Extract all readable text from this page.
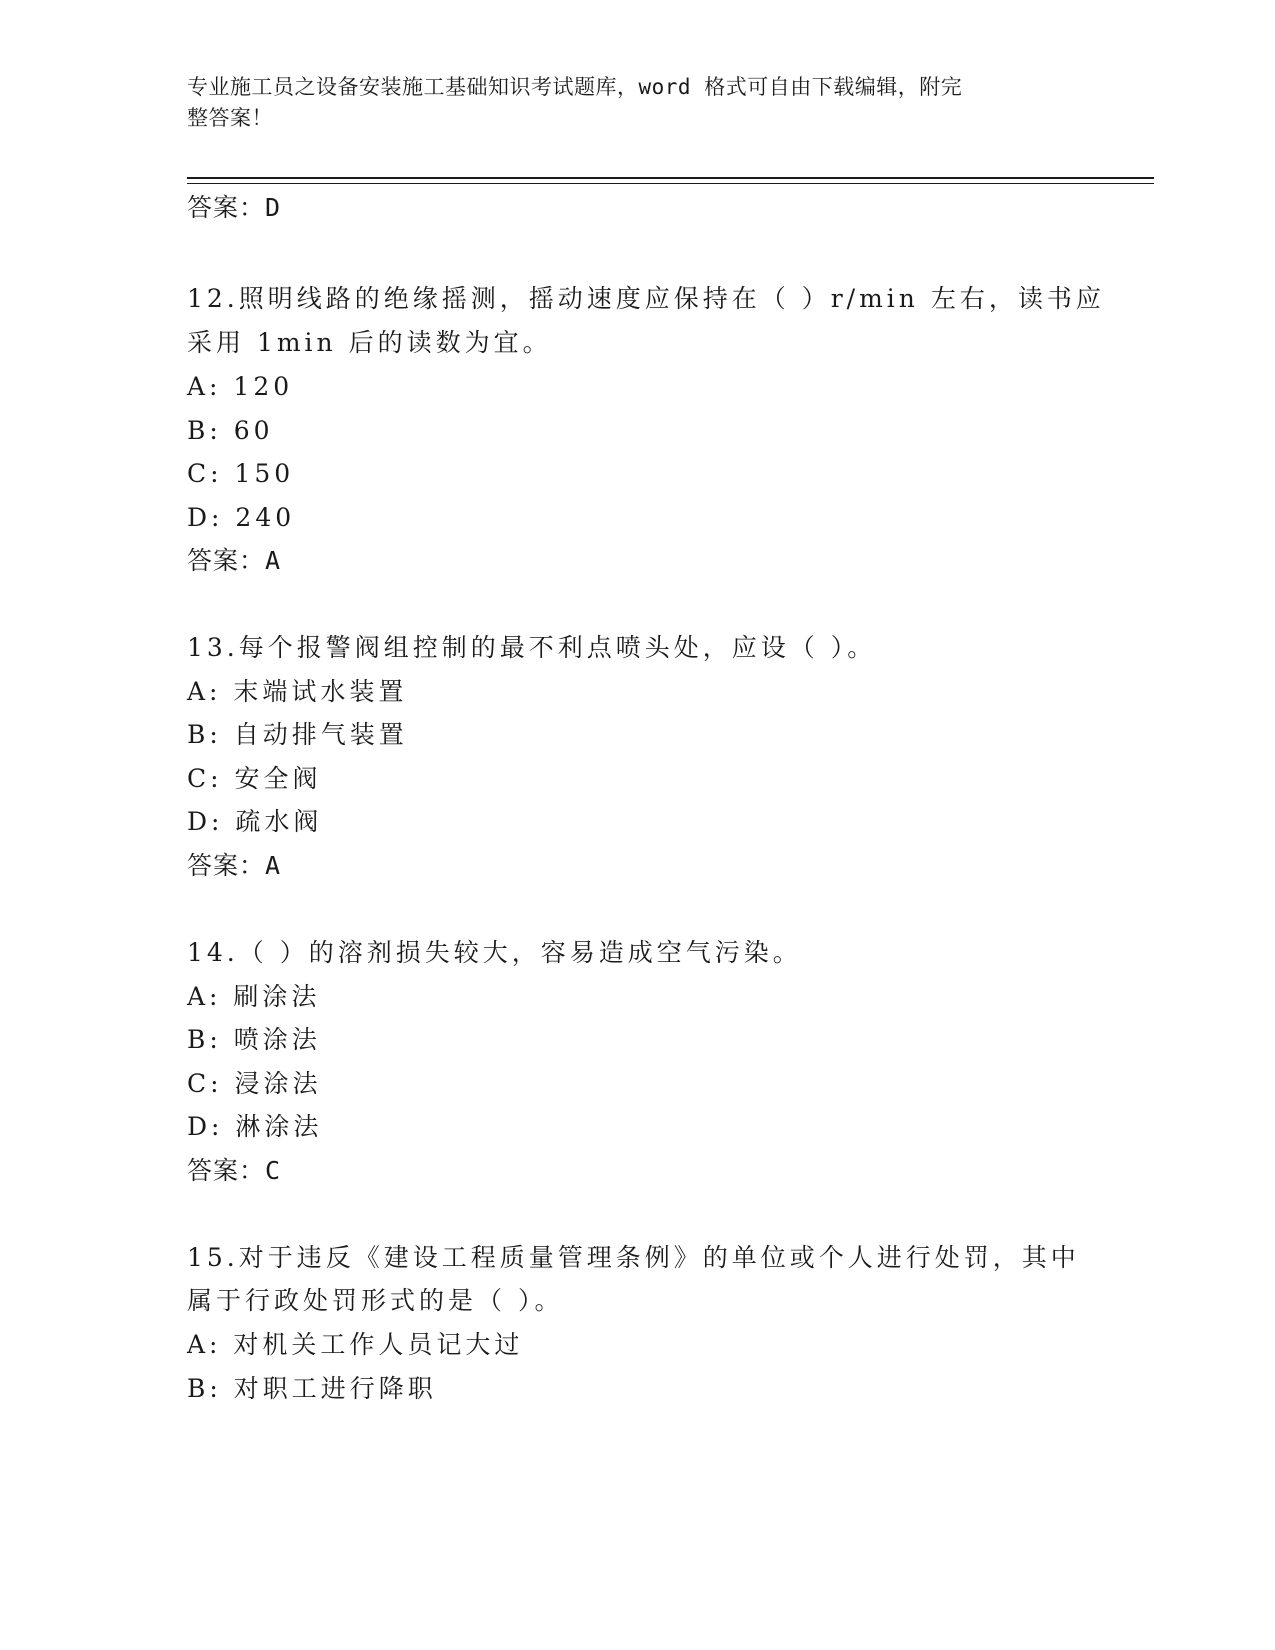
专业施工员之设备安装施工基础知识考试题库，word 格式可自由下载编辑，附完
整答案！
答案：D
12.照明线路的绝缘摇测，摇动速度应保持在（ ）r/min 左右，读书应
采用 1min 后的读数为宜。
A: 120
B: 60
C: 150
D: 240
答案：A
13.每个报警阀组控制的最不利点喷头处，应设（ ）。
A: 末端试水装置
B: 自动排气装置
C: 安全阀
D: 疏水阀
答案：A
14.（ ）的溶剂损失较大，容易造成空气污染。
A: 刷涂法
B: 喷涂法
C: 浸涂法
D: 淋涂法
答案：C
15.对于违反《建设工程质量管理条例》的单位或个人进行处罚，其中
属于行政处罚形式的是（ ）。
A: 对机关工作人员记大过
B: 对职工进行降职
